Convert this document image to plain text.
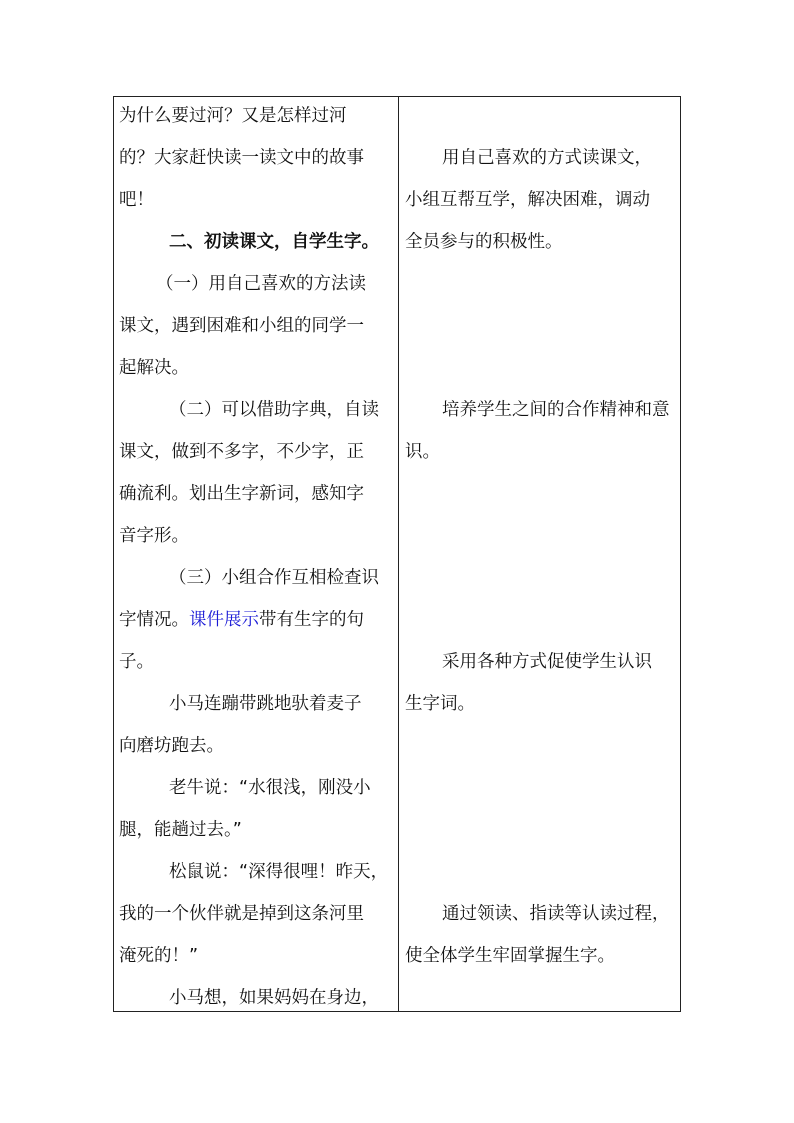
为什么要过河？又是怎样过河
的？大家赶快读一读文中的故事
吧！
二、初读课文，自学生字。
（一）用自己喜欢的方法读
课文，遇到困难和小组的同学一
起解决。
（二）可以借助字典，自读
课文，做到不多字，不少字，正
确流利。划出生字新词，感知字
音字形。
（三）小组合作互相检查识
字情况。课件展示带有生字的句
子。
小马连蹦带跳地驮着麦子
向磨坊跑去。
老牛说：“水很浅，刚没小
腿，能趟过去。”
松鼠说：“深得很哩！昨天，
我的一个伙伴就是掉到这条河里
淹死的！”
小马想，如果妈妈在身边，
用自己喜欢的方式读课文，
小组互帮互学，解决困难，调动
全员参与的积极性。
培养学生之间的合作精神和意
识。
采用各种方式促使学生认识
生字词。
通过领读、指读等认读过程，
使全体学生牢固掌握生字。
